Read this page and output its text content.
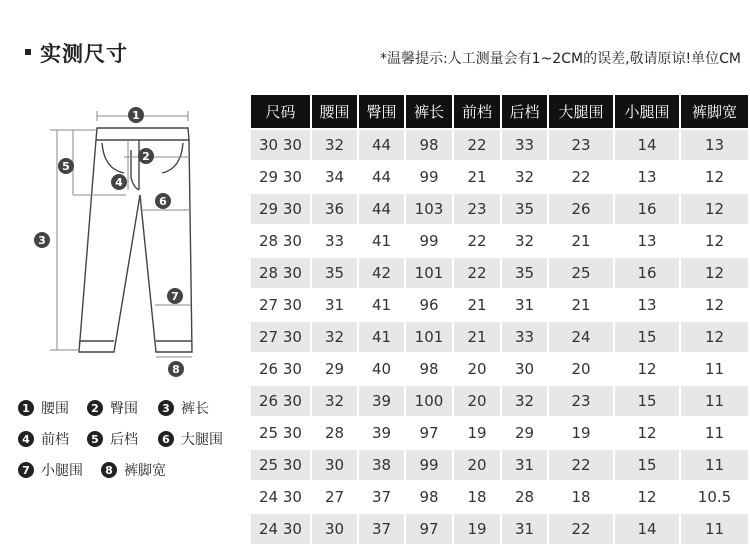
实测尺寸	*温馨提示:人工测量会有1~2CM的误差,敬请原谅!单位CM
1
2
3
4
5
6
7
8
1 腰围	2 臀围	3 裤长
4 前档	5 后档	6 大腿围
7 小腿围	8 裤脚宽
尺码	腰围	臀围	裤长	前档	后档	大腿围	小腿围	裤脚宽
30 30	32	44	98	22	33	23	14	13
29 30	34	44	99	21	32	22	13	12
29 30	36	44	103	23	35	26	16	12
28 30	33	41	99	22	32	21	13	12
28 30	35	42	101	22	35	25	16	12
27 30	31	41	96	21	31	21	13	12
27 30	32	41	101	21	33	24	15	12
26 30	29	40	98	20	30	20	12	11
26 30	32	39	100	20	32	23	15	11
25 30	28	39	97	19	29	19	12	11
25 30	30	38	99	20	31	22	15	11
24 30	27	37	98	18	28	18	12	10.5
24 30	30	37	97	19	31	22	14	11
